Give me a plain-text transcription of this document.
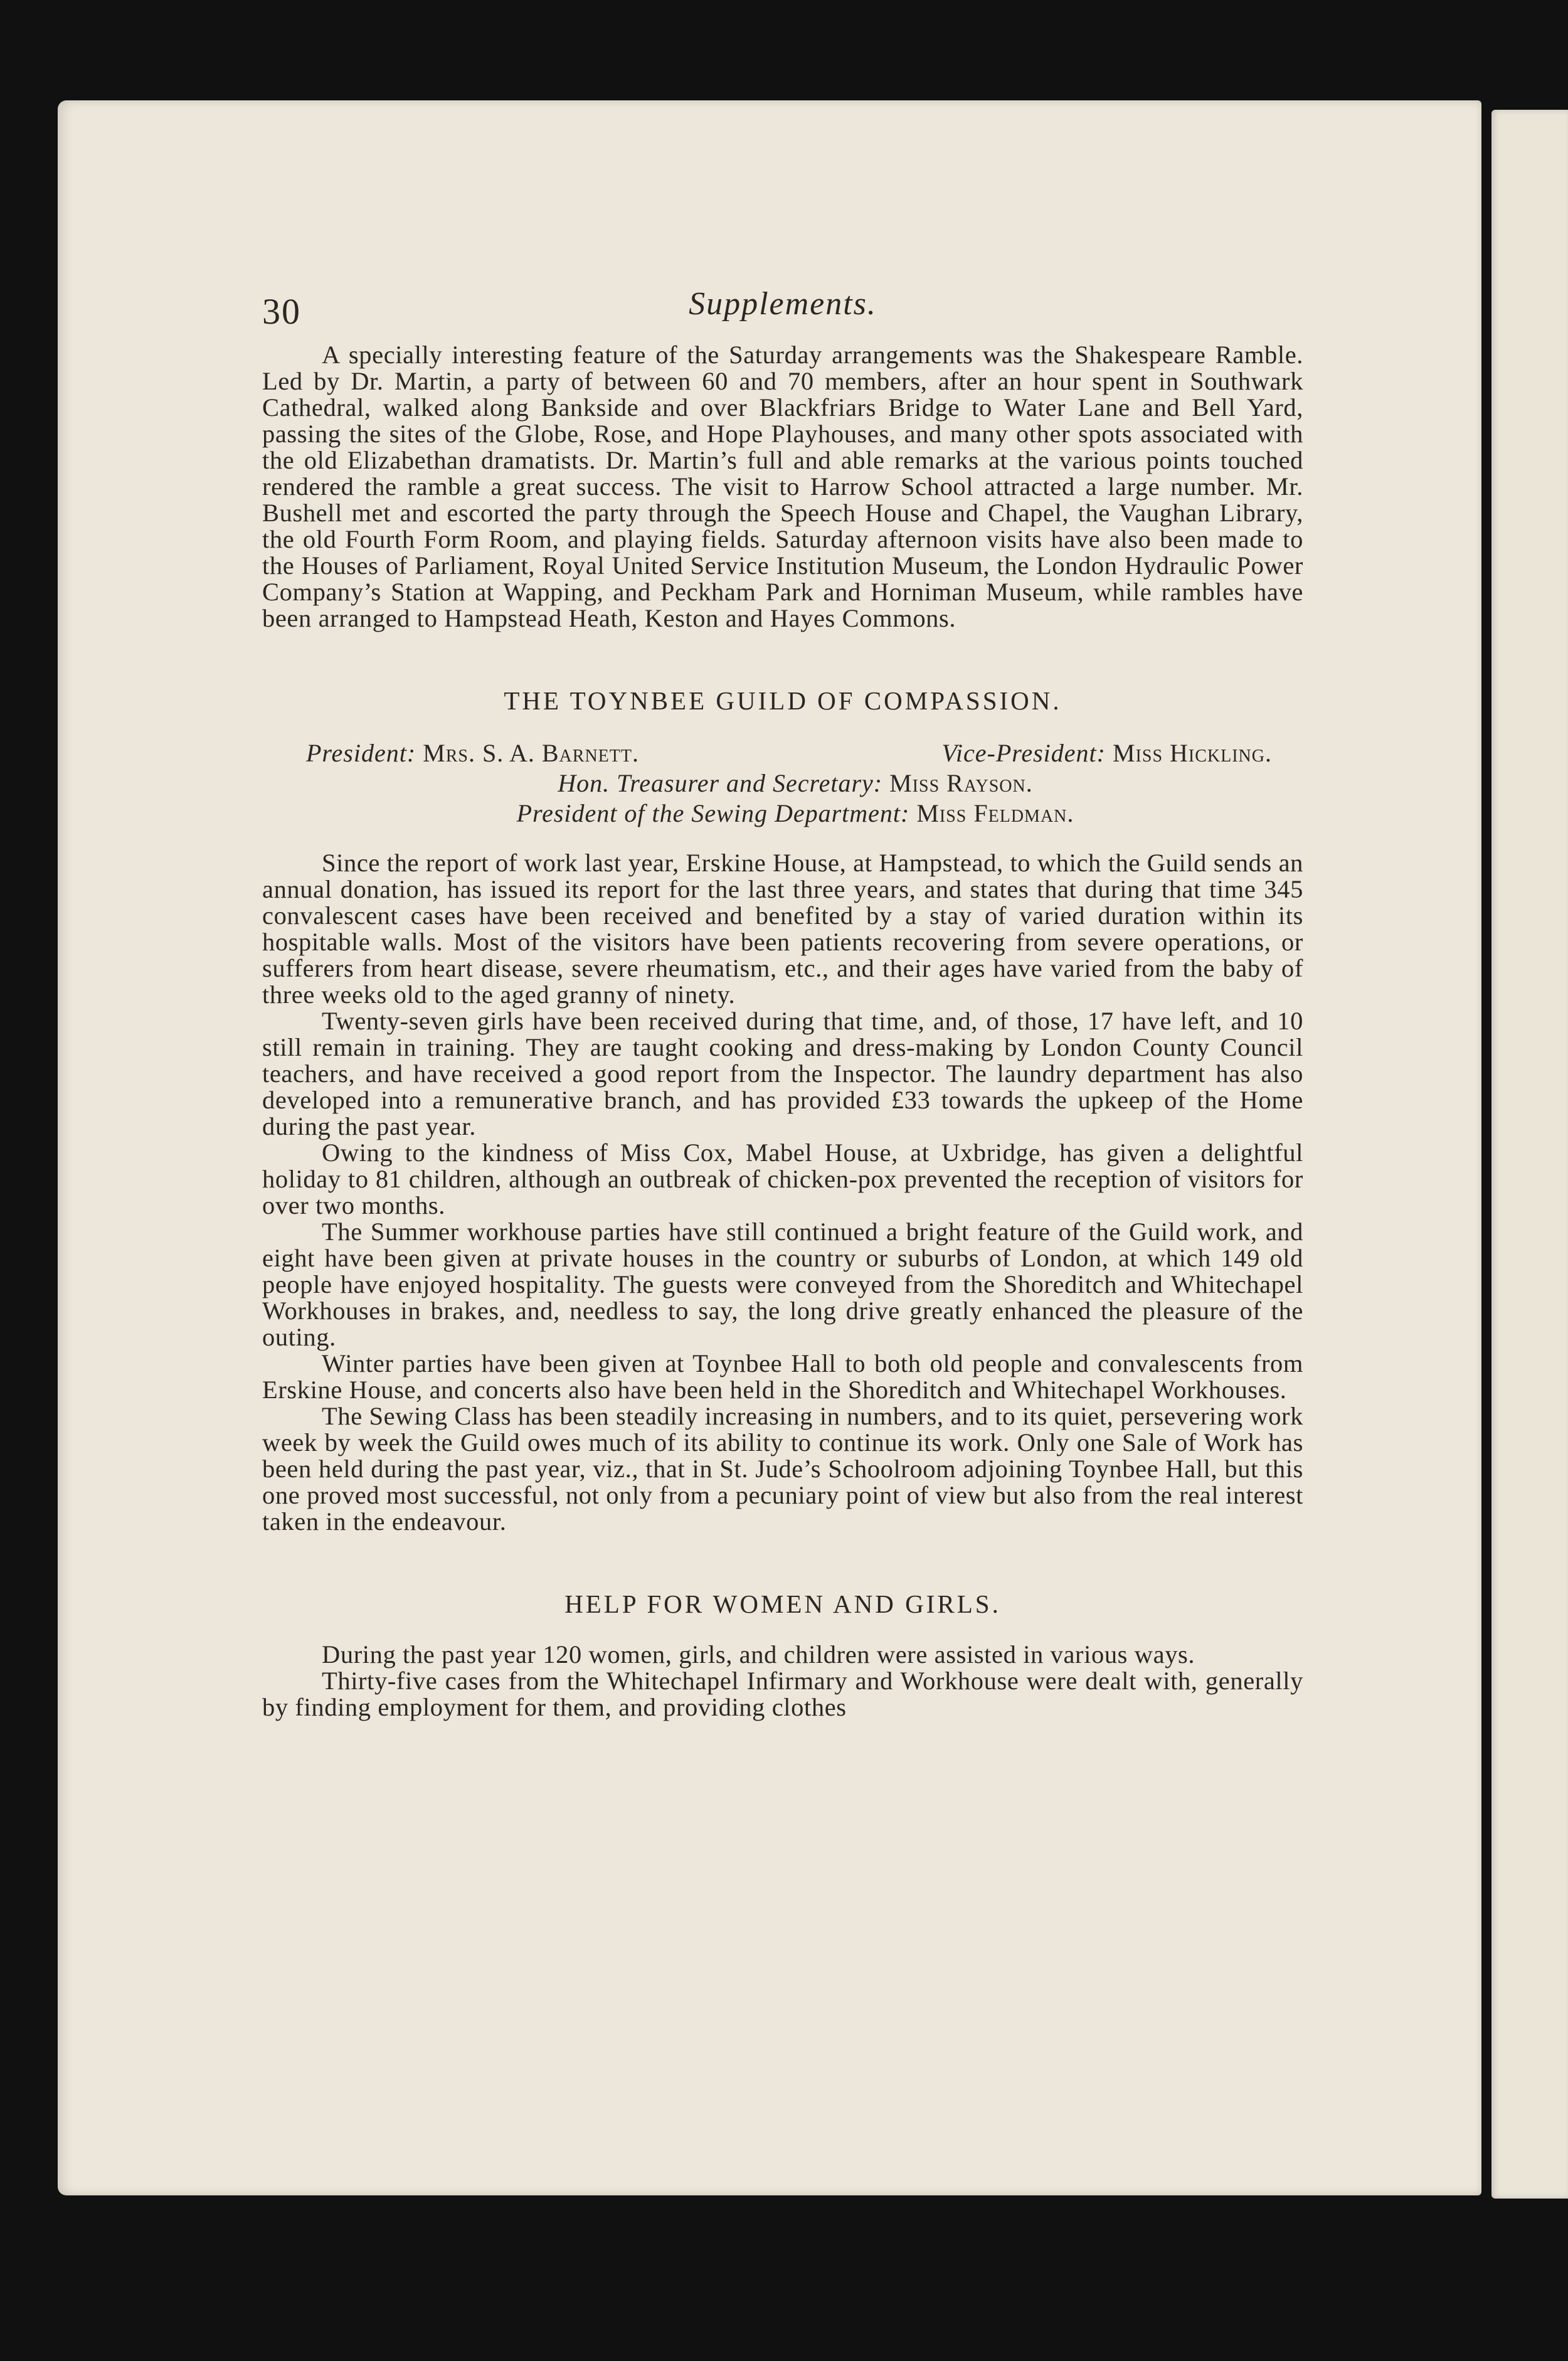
30	Supplements.

A specially interesting feature of the Saturday arrangements was the Shakespeare Ramble. Led by Dr. Martin, a party of between 60 and 70 members, after an hour spent in Southwark Cathedral, walked along Bankside and over Blackfriars Bridge to Water Lane and Bell Yard, passing the sites of the Globe, Rose, and Hope Playhouses, and many other spots associated with the old Elizabethan dramatists. Dr. Martin’s full and able remarks at the various points touched rendered the ramble a great success. The visit to Harrow School attracted a large number. Mr. Bushell met and escorted the party through the Speech House and Chapel, the Vaughan Library, the old Fourth Form Room, and playing fields. Saturday afternoon visits have also been made to the Houses of Parliament, Royal United Service Institution Museum, the London Hydraulic Power Company’s Station at Wapping, and Peckham Park and Horniman Museum, while rambles have been arranged to Hampstead Heath, Keston and Hayes Commons.

THE TOYNBEE GUILD OF COMPASSION.
President: Mrs. S. A. Barnett.	Vice-President: Miss Hickling.
Hon. Treasurer and Secretary: Miss Rayson.
President of the Sewing Department: Miss Feldman.

Since the report of work last year, Erskine House, at Hampstead, to which the Guild sends an annual donation, has issued its report for the last three years, and states that during that time 345 convalescent cases have been received and benefited by a stay of varied duration within its hospitable walls. Most of the visitors have been patients recovering from severe operations, or sufferers from heart disease, severe rheumatism, etc., and their ages have varied from the baby of three weeks old to the aged granny of ninety.

Twenty-seven girls have been received during that time, and, of those, 17 have left, and 10 still remain in training. They are taught cooking and dress-making by London County Council teachers, and have received a good report from the Inspector. The laundry department has also developed into a remunerative branch, and has provided £33 towards the upkeep of the Home during the past year.

Owing to the kindness of Miss Cox, Mabel House, at Uxbridge, has given a delightful holiday to 81 children, although an outbreak of chicken-pox prevented the reception of visitors for over two months.

The Summer workhouse parties have still continued a bright feature of the Guild work, and eight have been given at private houses in the country or suburbs of London, at which 149 old people have enjoyed hospitality. The guests were conveyed from the Shoreditch and Whitechapel Workhouses in brakes, and, needless to say, the long drive greatly enhanced the pleasure of the outing.

Winter parties have been given at Toynbee Hall to both old people and convalescents from Erskine House, and concerts also have been held in the Shoreditch and Whitechapel Workhouses.

The Sewing Class has been steadily increasing in numbers, and to its quiet, persevering work week by week the Guild owes much of its ability to continue its work. Only one Sale of Work has been held during the past year, viz., that in St. Jude’s Schoolroom adjoining Toynbee Hall, but this one proved most successful, not only from a pecuniary point of view but also from the real interest taken in the endeavour.

HELP FOR WOMEN AND GIRLS.

During the past year 120 women, girls, and children were assisted in various ways.

Thirty-five cases from the Whitechapel Infirmary and Workhouse were dealt with, generally by finding employment for them, and providing clothes
